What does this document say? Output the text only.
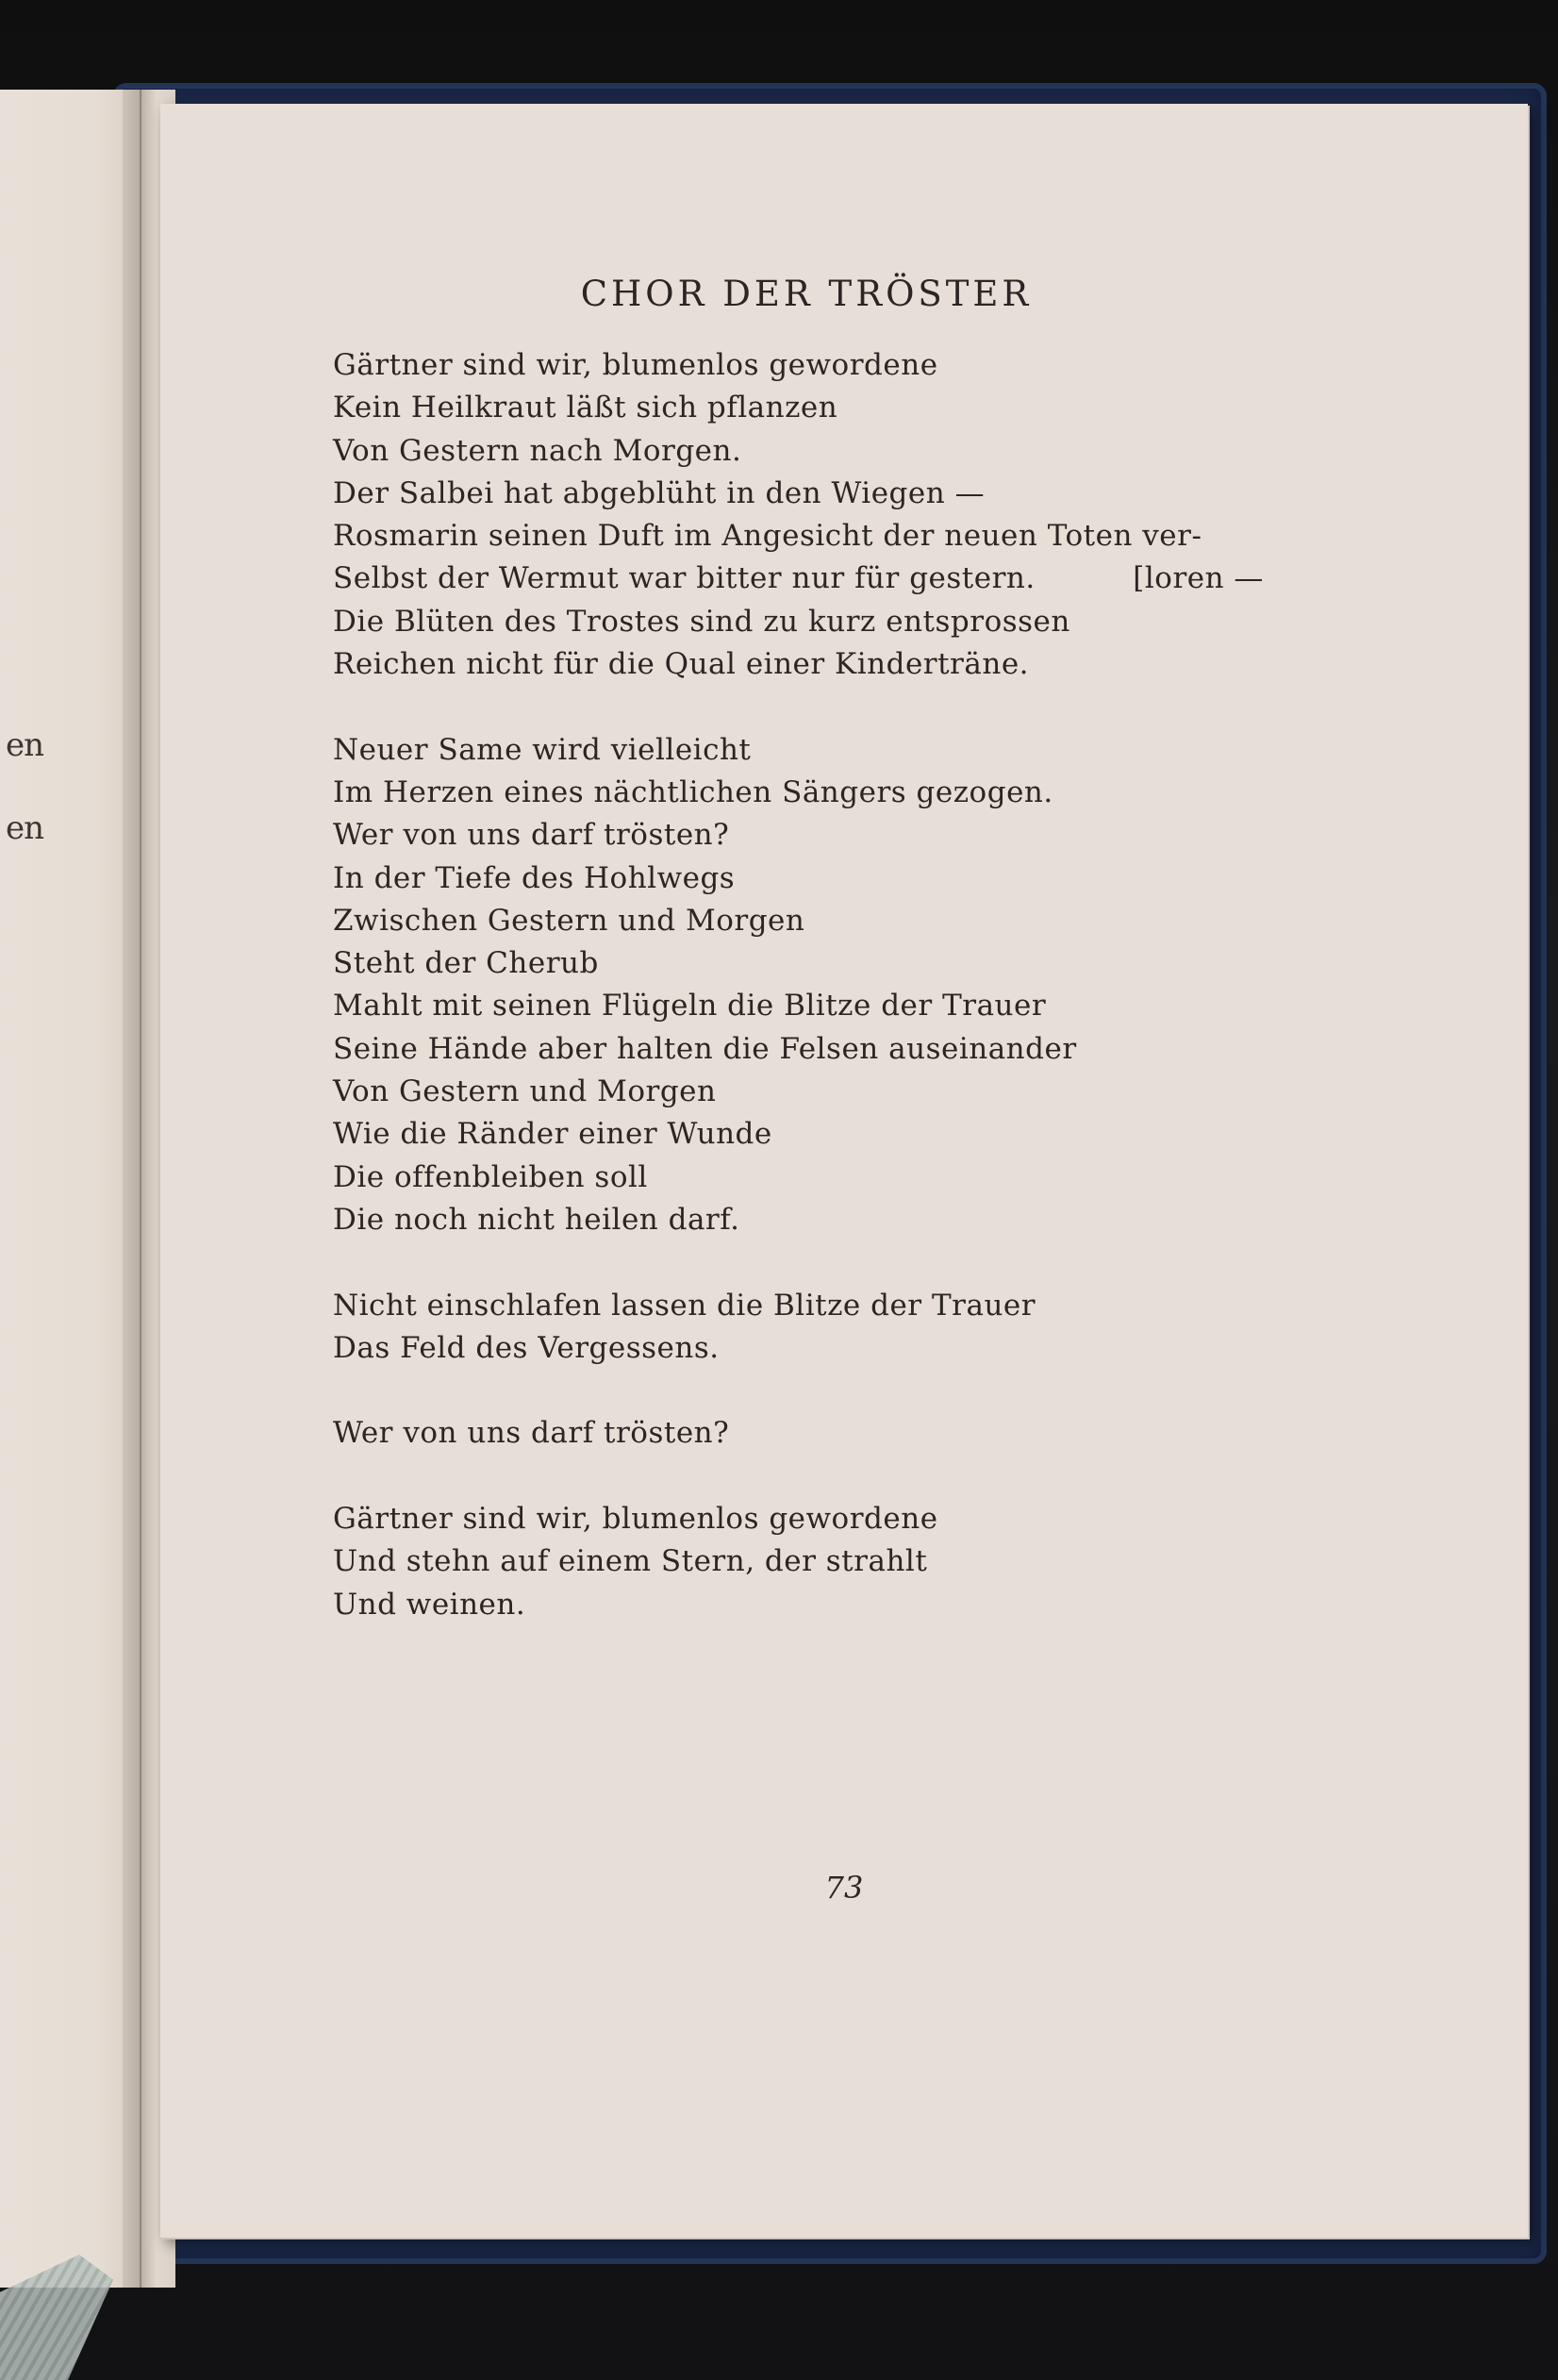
en
en
CHOR DER TRÖSTER
Gärtner sind wir, blumenlos gewordene
Kein Heilkraut läßt sich pflanzen
Von Gestern nach Morgen.
Der Salbei hat abgeblüht in den Wiegen —
Rosmarin seinen Duft im Angesicht der neuen Toten ver-
Selbst der Wermut war bitter nur für gestern.          [loren —
Die Blüten des Trostes sind zu kurz entsprossen
Reichen nicht für die Qual einer Kinderträne.
Neuer Same wird vielleicht
Im Herzen eines nächtlichen Sängers gezogen.
Wer von uns darf trösten?
In der Tiefe des Hohlwegs
Zwischen Gestern und Morgen
Steht der Cherub
Mahlt mit seinen Flügeln die Blitze der Trauer
Seine Hände aber halten die Felsen auseinander
Von Gestern und Morgen
Wie die Ränder einer Wunde
Die offenbleiben soll
Die noch nicht heilen darf.
Nicht einschlafen lassen die Blitze der Trauer
Das Feld des Vergessens.
Wer von uns darf trösten?
Gärtner sind wir, blumenlos gewordene
Und stehn auf einem Stern, der strahlt
Und weinen.
73
